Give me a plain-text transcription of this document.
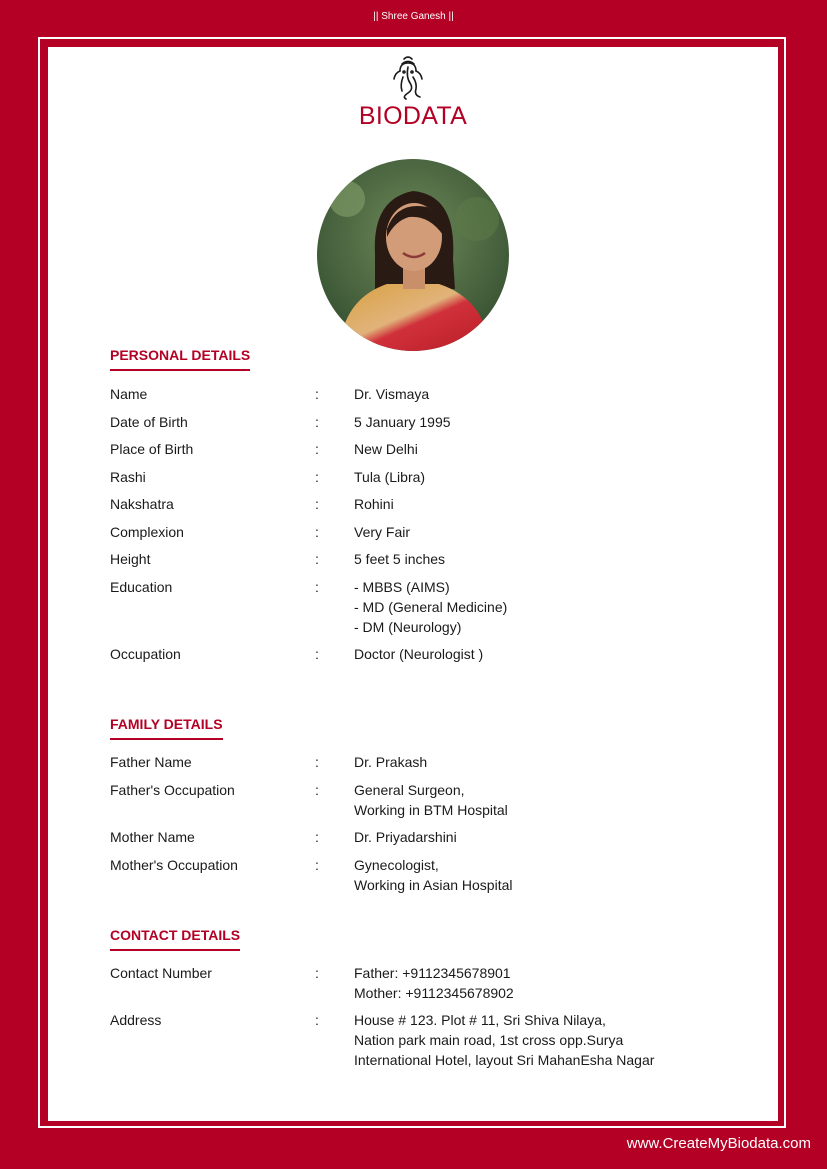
|| Shree Ganesh ||
BIODATA
PERSONAL DETAILS
Name	:	Dr. Vismaya
Date of Birth	:	5 January 1995
Place of Birth	:	New Delhi
Rashi	:	Tula (Libra)
Nakshatra	:	Rohini
Complexion	:	Very Fair
Height	:	5 feet 5 inches
Education	:	- MBBS (AIMS)
- MD (General Medicine)
- DM (Neurology)
Occupation	:	Doctor (Neurologist )
FAMILY DETAILS
Father Name	:	Dr. Prakash
Father's Occupation	:	General Surgeon,
Working in BTM Hospital
Mother Name	:	Dr. Priyadarshini
Mother's Occupation	:	Gynecologist,
Working in Asian Hospital
CONTACT DETAILS
Contact Number	:	Father: +9112345678901
Mother: +9112345678902
Address	:	House # 123. Plot # 11, Sri Shiva Nilaya,
Nation park main road, 1st cross opp.Surya
International Hotel, layout Sri MahanEsha Nagar
www.CreateMyBiodata.com
